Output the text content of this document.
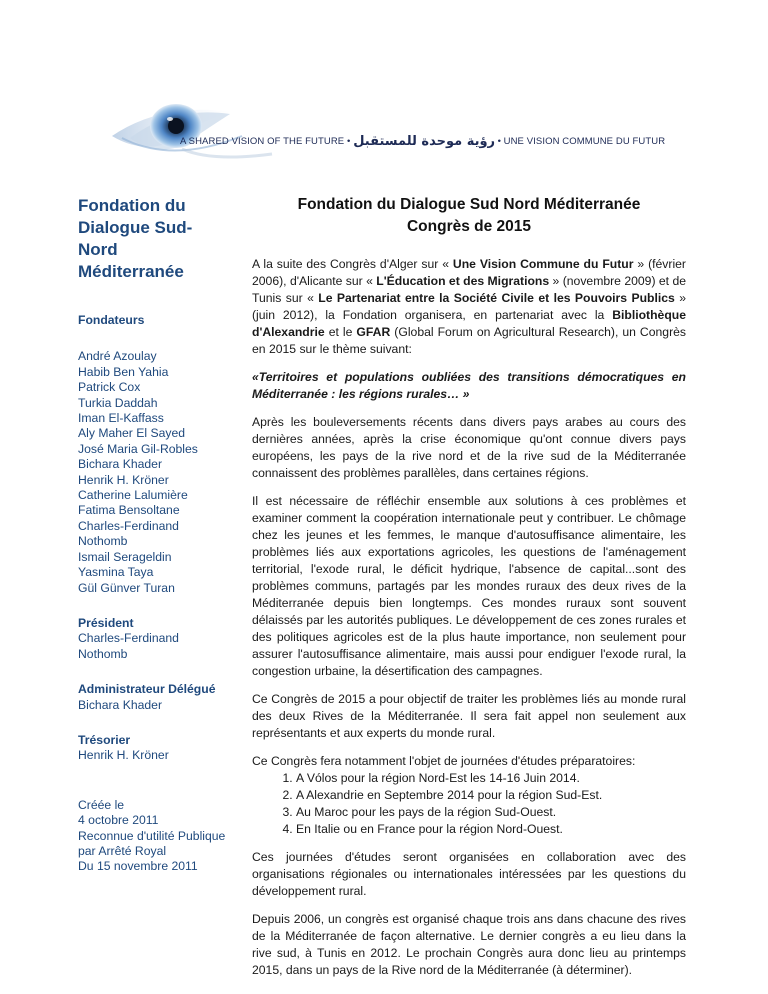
A SHARED VISION OF THE FUTURE • رؤية موحدة للمستقبل • UNE VISION COMMUNE DU FUTUR

Fondation du Dialogue Sud-Nord Méditerranée

Fondateurs

André Azoulay
Habib Ben Yahia
Patrick Cox
Turkia Daddah
Iman El-Kaffass
Aly Maher El Sayed
José Maria Gil-Robles
Bichara Khader
Henrik H. Kröner
Catherine Lalumière
Fatima Bensoltane
Charles-Ferdinand Nothomb
Ismail Serageldin
Yasmina Taya
Gül Günver Turan

Président

Charles-Ferdinand Nothomb

Administrateur Délégué

Bichara Khader

Trésorier

Henrik H. Kröner

Créée le

4 octobre 2011

Reconnue d'utilité Publique par Arrêté Royal

Du 15 novembre 2011

Fondation du Dialogue Sud Nord Méditerranée
Congrès de 2015

A la suite des Congrès d'Alger sur « Une Vision Commune du Futur » (février 2006), d'Alicante sur « L'Éducation et des Migrations » (novembre 2009) et de Tunis sur « Le Partenariat entre la Société Civile et les Pouvoirs Publics » (juin 2012), la Fondation organisera, en partenariat avec la Bibliothèque d'Alexandrie et le GFAR (Global Forum on Agricultural Research), un Congrès en 2015 sur le thème suivant:

«Territoires et populations oubliées des transitions démocratiques en Méditerranée : les régions rurales… »

Après les bouleversements récents dans divers pays arabes au cours des dernières années, après la crise économique qu'ont connue divers pays européens, les pays de la rive nord et de la rive sud de la Méditerranée connaissent des problèmes parallèles, dans certaines régions.

Il est nécessaire de réfléchir ensemble aux solutions à ces problèmes et examiner comment la coopération internationale peut y contribuer. Le chômage chez les jeunes et les femmes, le manque d'autosuffisance alimentaire, les problèmes liés aux exportations agricoles, les questions de l'aménagement territorial, l'exode rural, le déficit hydrique, l'absence de capital...sont des problèmes communs, partagés par les mondes ruraux des deux rives de la Méditerranée depuis bien longtemps. Ces mondes ruraux sont souvent délaissés par les autorités publiques. Le développement de ces zones rurales et des politiques agricoles est de la plus haute importance, non seulement pour assurer l'autosuffisance alimentaire, mais aussi pour endiguer l'exode rural, la congestion urbaine, la désertification des campagnes.

Ce Congrès de 2015 a pour objectif de traiter les problèmes liés au monde rural des deux Rives de la Méditerranée. Il sera fait appel non seulement aux représentants et aux experts du monde rural.

Ce Congrès fera notamment l'objet de journées d'études préparatoires:

1. A Vólos pour la région Nord-Est les 14-16 Juin 2014.
2. A Alexandrie en Septembre 2014 pour la région Sud-Est.
3. Au Maroc pour les pays de la région Sud-Ouest.
4. En Italie ou en France pour la région Nord-Ouest.

Ces journées d'études seront organisées en collaboration avec des organisations régionales ou internationales intéressées par les questions du développement rural.

Depuis 2006, un congrès est organisé chaque trois ans dans chacune des rives de la Méditerranée de façon alternative. Le dernier congrès a eu lieu dans la rive sud, à Tunis en 2012. Le prochain Congrès aura donc lieu au printemps 2015, dans un pays de la Rive nord de la Méditerranée (à déterminer).
